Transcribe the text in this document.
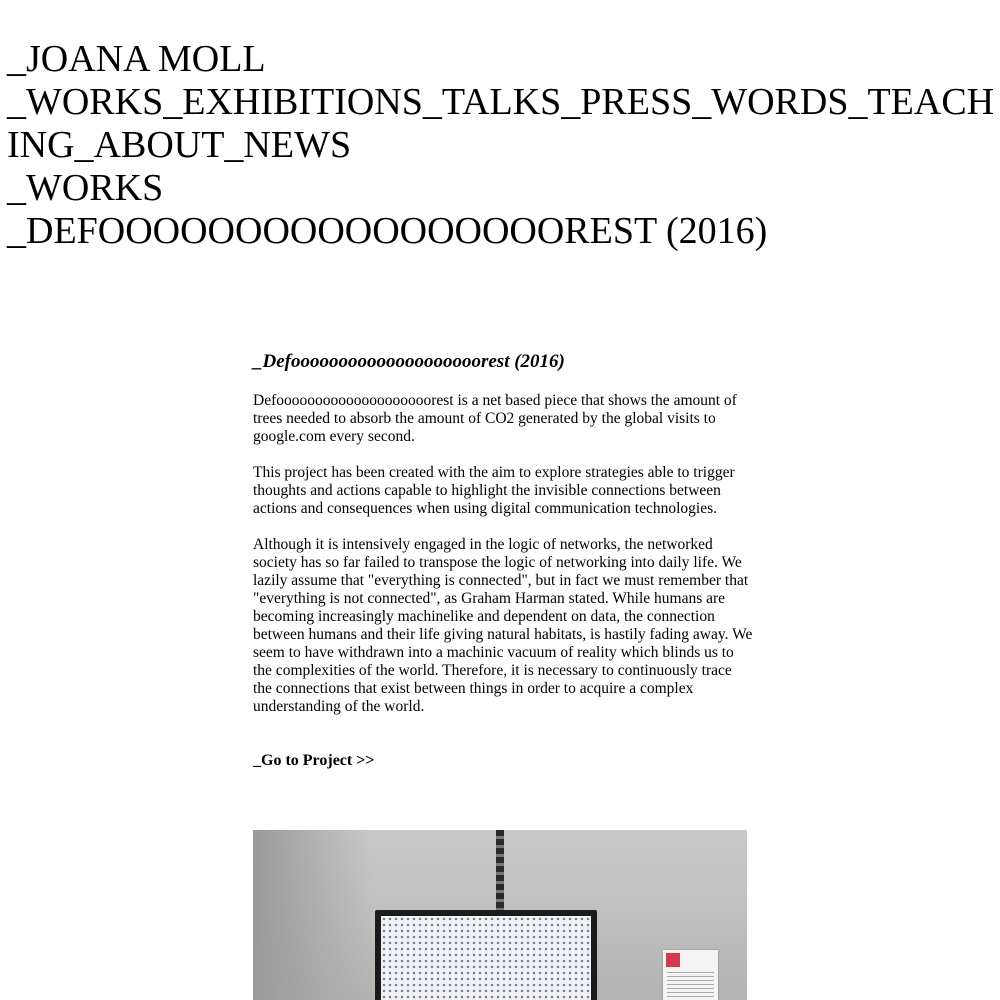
_JOANA MOLL
_WORKS_EXHIBITIONS_TALKS_PRESS_WORDS_TEACHING_ABOUT_NEWS
_WORKS
_DEFOOOOOOOOOOOOOOOOOREST (2016)
_Defoooooooooooooooooooorest (2016)

Defoooooooooooooooooooorest is a net based piece that shows the amount of trees needed to absorb the amount of CO2 generated by the global visits to google.com every second.

This project has been created with the aim to explore strategies able to trigger thoughts and actions capable to highlight the invisible connections between actions and consequences when using digital communication technologies.

Although it is intensively engaged in the logic of networks, the networked society has so far failed to transpose the logic of networking into daily life. We lazily assume that "everything is connected", but in fact we must remember that "everything is not connected", as Graham Harman stated. While humans are becoming increasingly machinelike and dependent on data, the connection between humans and their life giving natural habitats, is hastily fading away. We seem to have withdrawn into a machinic vacuum of reality which blinds us to the complexities of the world. Therefore, it is necessary to continuously trace the connections that exist between things in order to acquire a complex understanding of the world.

_Go to Project >>
